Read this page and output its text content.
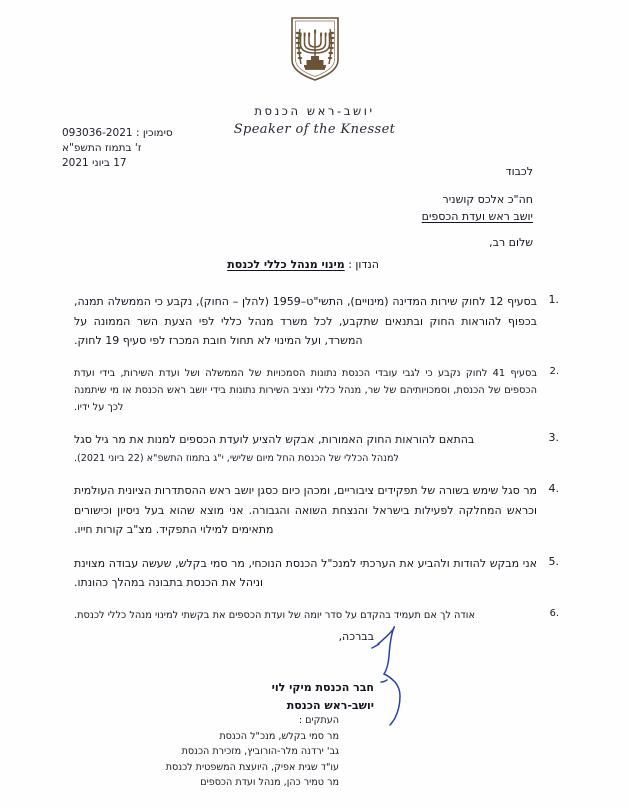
יושב-ראש הכנסת
Speaker of the Knesset
סימוכין : 093036-2021
ז' בתמוז התשפ"א
17 ביוני 2021
לכבוד
חה"כ אלכס קושניר
יושב ראש ועדת הכספים
שלום רב,
הנדון : מינוי מנהל כללי לכנסת
1.
בסעיף 12 לחוק שירות המדינה (מינויים), התשי"ט–1959 (להלן – החוק), נקבע כי הממשלה תמנה, בכפוף להוראות החוק ובתנאים שתקבע, לכל משרד מנהל כללי לפי הצעת השר הממונה על המשרד, ועל המינוי לא תחול חובת המכרז לפי סעיף 19 לחוק.
2.
בסעיף 41 לחוק נקבע כי לגבי עובדי הכנסת נתונות הסמכויות של הממשלה ושל ועדת השירות, בידי ועדת הכספים של הכנסת, וסמכויותיהם של שר, מנהל כללי ונציב השירות נתונות בידי יושב ראש הכנסת או מי שיתמנה לכך על ידיו.
3.
בהתאם להוראות החוק האמורות, אבקש להציע לועדת הכספים למנות את מר גיל סגל
למנהל הכללי של הכנסת החל מיום שלישי, י"ג בתמוז התשפ"א (22 ביוני 2021).
4.
מר סגל שימש בשורה של תפקידים ציבוריים, ומכהן כיום כסגן יושב ראש ההסתדרות הציונית העולמית וכראש המחלקה לפעילות בישראל והנצחת השואה והגבורה. אני מוצא שהוא בעל ניסיון וכישורים מתאימים למילוי התפקיד. מצ"ב קורות חייו.
5.
אני מבקש להודות ולהביע את הערכתי למנכ"ל הכנסת הנוכחי, מר סמי בקלש, שעשה עבודה מצוינת וניהל את הכנסת בתבונה במהלך כהונתו.
6.
אודה לך אם תעמיד בהקדם על סדר יומה של ועדת הכספים את בקשתי למינוי מנהל כללי לכנסת.
בברכה,
חבר הכנסת מיקי לוי
יושב-ראש הכנסת
העתקים :
מר סמי בקלש, מנכ"ל הכנסת
גב' ירדנה מלר-הורוביץ, מזכירת הכנסת
עו"ד שגית אפיק, היועצת המשפטית לכנסת
מר טמיר כהן, מנהל ועדת הכספים
